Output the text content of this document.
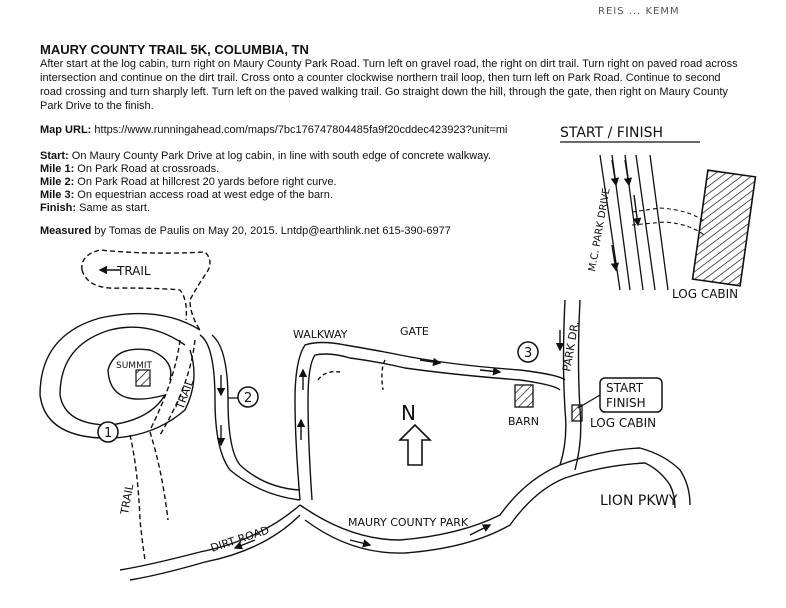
REIS ... KEMM
MAURY COUNTY TRAIL 5K, COLUMBIA, TN
After start at the log cabin, turn right on Maury County Park Road. Turn left on gravel road, the right on dirt trail. Turn right on paved road across intersection and continue on the dirt trail. Cross onto a counter clockwise northern trail loop, then turn left on Park Road. Continue to second road crossing and turn sharply left. Turn left on the paved walking trail. Go straight down the hill, through the gate, then right on Maury County Park Drive to the finish.
Map URL: https://www.runningahead.com/maps/7bc176747804485fa9f20cddec423923?unit=mi
Start: On Maury County Park Drive at log cabin, in line with south edge of concrete walkway.
Mile 1: On Park Road at crossroads.
Mile 2: On Park Road at hillcrest 20 yards before right curve.
Mile 3: On equestrian access road at west edge of the barn.
Finish: Same as start.
Measured by Tomas de Paulis on May 20, 2015. Lntdp@earthlink.net 615-390-6977
START / FINISH
M.C. PARK DRIVE
LOG CABIN
N
1
2
3
START
FINISH
TRAIL
SUMMIT
TRAIL
TRAIL
WALKWAY	GATE	PARK DR.
BARN	LOG CABIN
LION PKWY
DIRT ROAD
MAURY COUNTY PARK
